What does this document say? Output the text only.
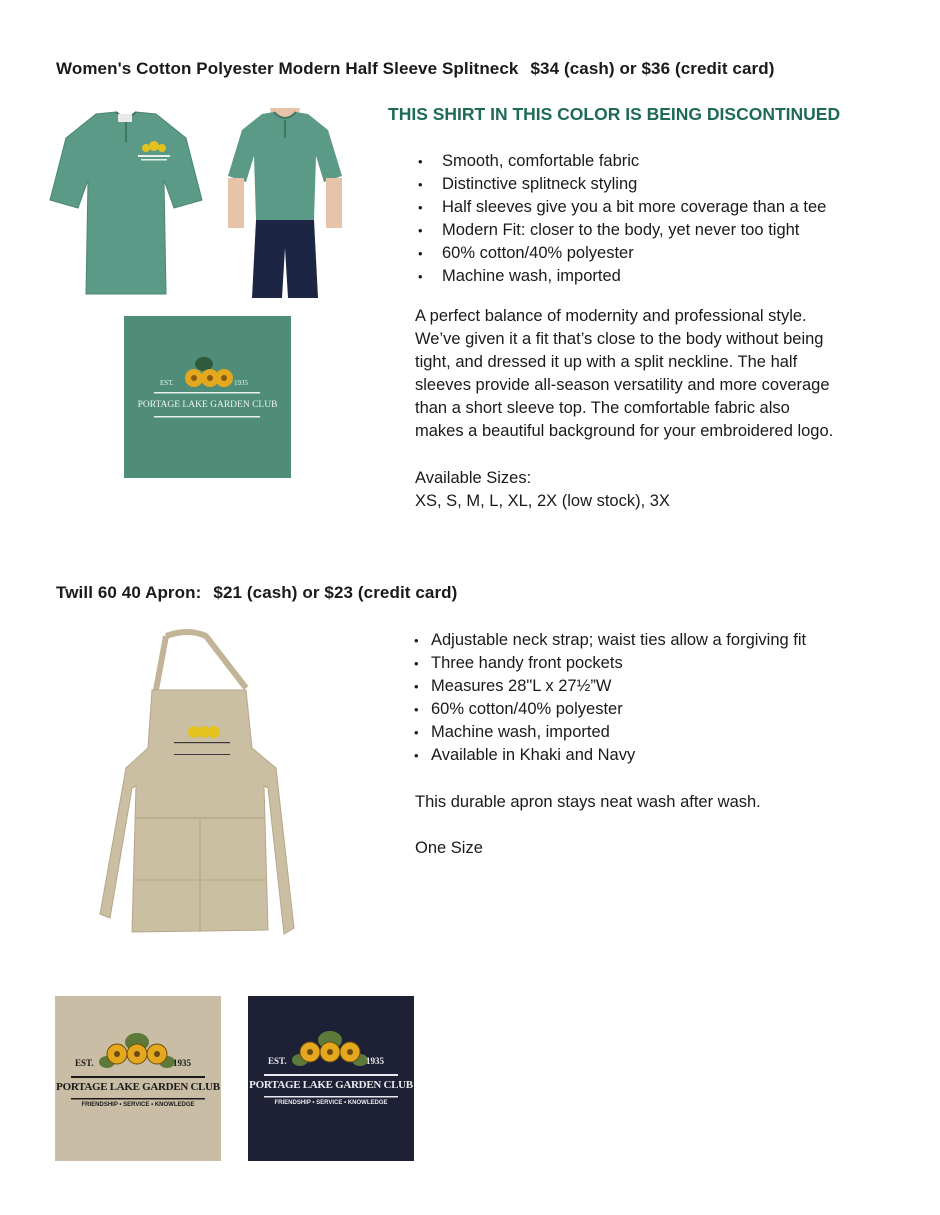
Women's Cotton Polyester Modern Half Sleeve Splitneck $34 (cash) or $36 (credit card)
THIS SHIRT IN THIS COLOR IS BEING DISCONTINUED
EST.	1935
PORTAGE LAKE GARDEN CLUB
• Smooth, comfortable fabric
• Distinctive splitneck styling
• Half sleeves give you a bit more coverage than a tee
• Modern Fit: closer to the body, yet never too tight
• 60% cotton/40% polyester
• Machine wash, imported

A perfect balance of modernity and professional style.

We’ve given it a fit that’s close to the body without being

tight, and dressed it up with a split neckline. The half

sleeves provide all-season versatility and more coverage

than a short sleeve top. The comfortable fabric also

makes a beautiful background for your embroidered logo.

Available Sizes:

XS, S, M, L, XL, 2X (low stock), 3X

Twill 60 40 Apron: $21 (cash) or $23 (credit card)
• Adjustable neck strap; waist ties allow a forgiving fit
• Three handy front pockets
• Measures 28"L x 27½”W
• 60% cotton/40% polyester
• Machine wash, imported
• Available in Khaki and Navy

This durable apron stays neat wash after wash.

One Size

EST.	1935
PORTAGE LAKE GARDEN CLUB
FRIENDSHIP • SERVICE • KNOWLEDGE
EST.	1935
PORTAGE LAKE GARDEN CLUB
FRIENDSHIP • SERVICE • KNOWLEDGE
